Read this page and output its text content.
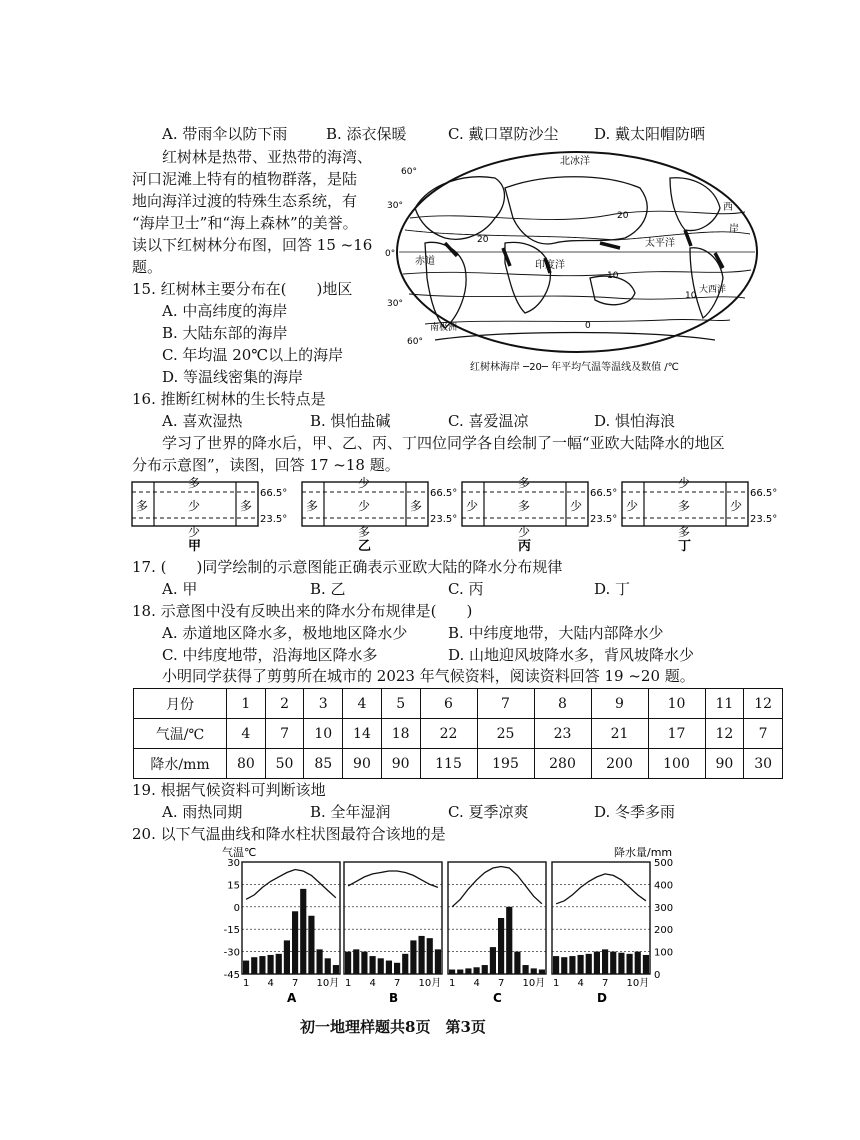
A. 带雨伞以防下雨	B. 添衣保暖	C. 戴口罩防沙尘 D. 戴太阳帽防晒
红树林是热带、亚热带的海湾、
河口泥滩上特有的植物群落，是陆
地向海洋过渡的特殊生态系统，有
“海岸卫士”和“海上森林”的美誉。
读以下红树林分布图，回答 15 ~16
题。
北冰洋
太平洋
印度洋
大西洋
赤道
西
岸
南极洲
60°
30°
0°
30°
60°
20
20
10
10
0
红树林海岸 ─20─ 年平均气温等温线及数值 /℃
15. 红树林主要分布在(　　)地区
A. 中高纬度的海岸
B. 大陆东部的海岸
C. 年均温 20℃以上的海岸
D. 等温线密集的海岸
16. 推断红树林的生长特点是
A. 喜欢湿热	B. 惧怕盐碱	C. 喜爱温凉	D. 惧怕海浪
学习了世界的降水后，甲、乙、丙、丁四位同学各自绘制了一幅“亚欧大陆降水的地区
分布示意图”，读图，回答 17 ~18 题。
多
少
多	少	多
66.5°
23.5°
甲
少
多
多	少	多
66.5°
23.5°
乙
多
少
少	多	少
66.5°
23.5°
丙
少
多
少	多	少
66.5°
23.5°
丁
17. (　　)同学绘制的示意图能正确表示亚欧大陆的降水分布规律
A. 甲	B. 乙	C. 丙	D. 丁
18. 示意图中没有反映出来的降水分布规律是(　　)
A. 赤道地区降水多，极地地区降水少	B. 中纬度地带，大陆内部降水少
C. 中纬度地带，沿海地区降水多	D. 山地迎风坡降水多，背风坡降水少
小明同学获得了剪剪所在城市的 2023 年气候资料，阅读资料回答 19 ~20 题。
月份	1	2	3	4	5	6	7	8	9	10	11	12
气温/℃	4	7	10	14	18	22	25	23	21	17	12	7
降水/mm	80	50	85	90	90	115	195	280	200	100	90	30
19. 根据气候资料可判断该地
A. 雨热同期	B. 全年湿润	C. 夏季凉爽	D. 冬季多雨
20. 以下气温曲线和降水柱状图最符合该地的是
气温℃	降水量/mm
30
15
0
-15
-30
-45
500
400
300
200
100
0
1 4 7 10月
A
1 4 7 10月
B
1 4 7 10月
C
1 4 7 10月
D
初一地理样题共8页　第3页
